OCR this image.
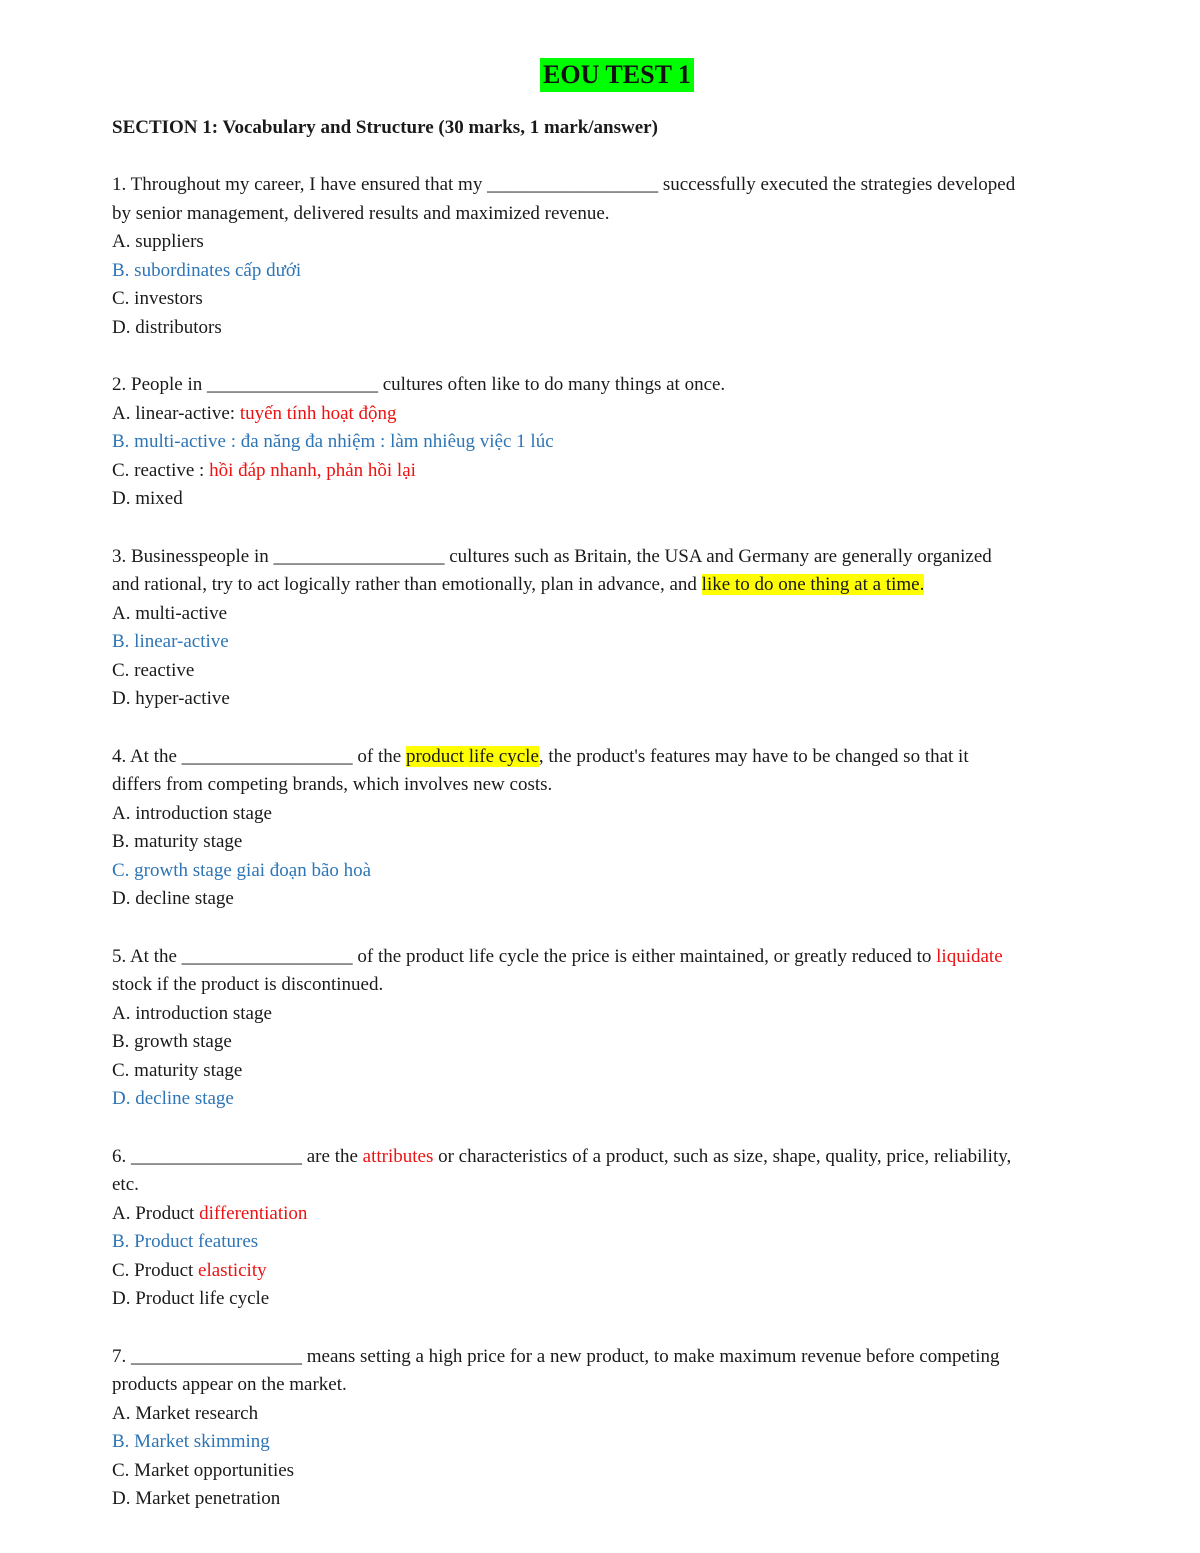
EOU TEST 1
SECTION 1: Vocabulary and Structure (30 marks, 1 mark/answer)
1. Throughout my career, I have ensured that my __________________ successfully executed the strategies developed
by senior management, delivered results and maximized revenue.
A. suppliers
B. subordinates cấp dưới
C. investors
D. distributors
2. People in __________________ cultures often like to do many things at once.
A. linear-active: tuyến tính hoạt động
B. multi-active : đa năng đa nhiệm : làm nhiêug việc 1 lúc
C. reactive : hồi đáp nhanh, phản hồi lại
D. mixed
3. Businesspeople in __________________ cultures such as Britain, the USA and Germany are generally organized
and rational, try to act logically rather than emotionally, plan in advance, and like to do one thing at a time.
A. multi-active
B. linear-active
C. reactive
D. hyper-active
4. At the __________________ of the product life cycle, the product's features may have to be changed so that it
differs from competing brands, which involves new costs.
A. introduction stage
B. maturity stage
C. growth stage giai đoạn bão hoà
D. decline stage
5. At the __________________ of the product life cycle the price is either maintained, or greatly reduced to liquidate
stock if the product is discontinued.
A. introduction stage
B. growth stage
C. maturity stage
D. decline stage
6. __________________ are the attributes or characteristics of a product, such as size, shape, quality, price, reliability,
etc.
A. Product differentiation
B. Product features
C. Product elasticity
D. Product life cycle
7. __________________ means setting a high price for a new product, to make maximum revenue before competing
products appear on the market.
A. Market research
B. Market skimming
C. Market opportunities
D. Market penetration
